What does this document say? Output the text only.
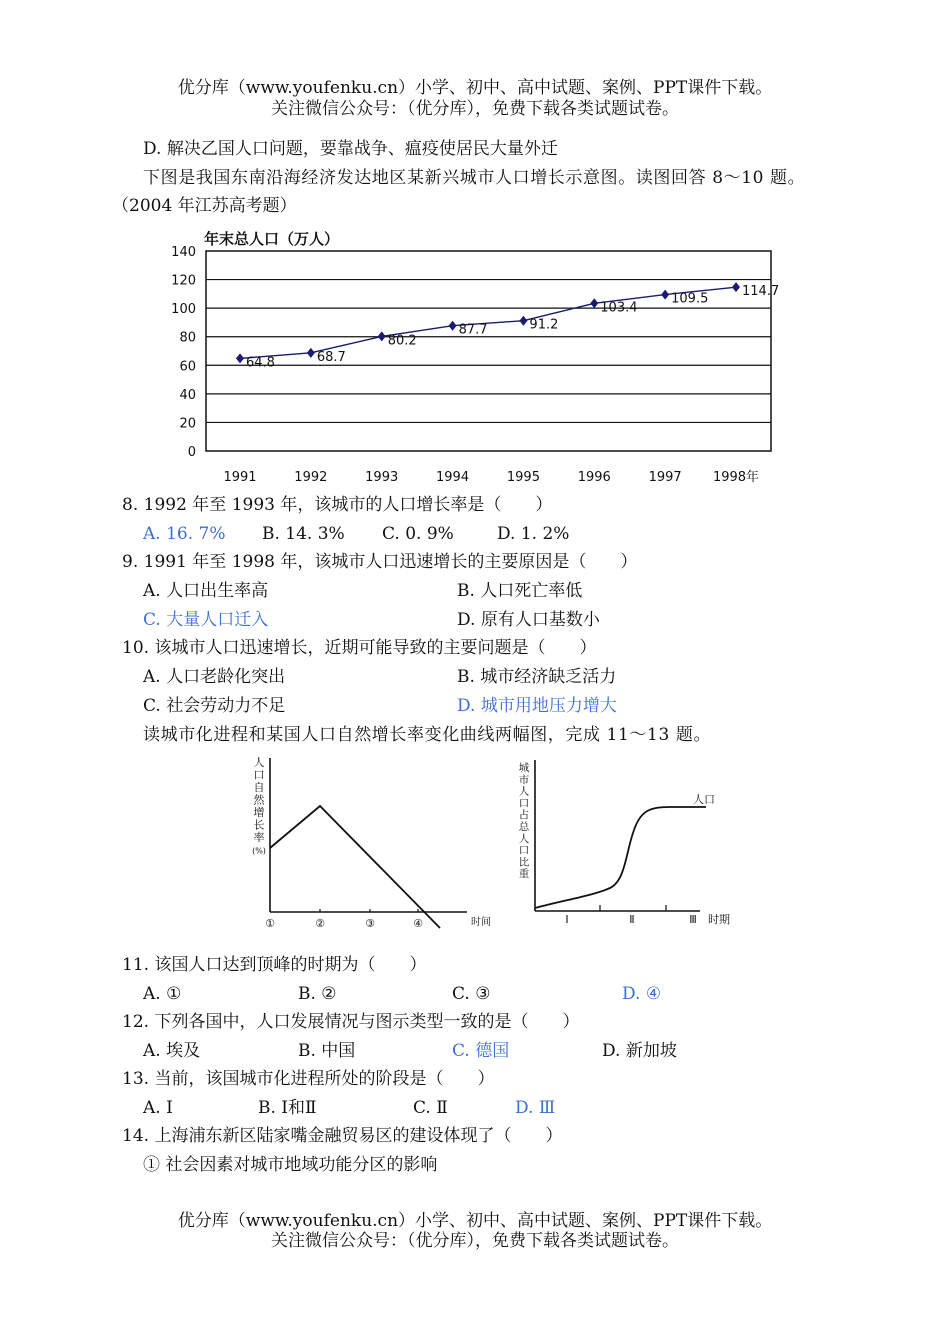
优分库（www.youfenku.cn）小学、初中、高中试题、案例、PPT课件下载。
关注微信公众号：（优分库），免费下载各类试题试卷。
D. 解决乙国人口问题，要靠战争、瘟疫使居民大量外迁
下图是我国东南沿海经济发达地区某新兴城市人口增长示意图。读图回答 8～10 题。
（2004 年江苏高考题）
年末总人口（万人）
0
20
40
60
80
100
120
140
1991	1992	1993	1994	1995	1996	1997 1998年
64.8	68.7
80.2
87.7	91.2
103.4
109.5	114.7
8. 1992 年至 1993 年，该城市的人口增长率是（　　）
A. 16. 7% B. 14. 3% C. 0. 9%	D. 1. 2%
9. 1991 年至 1998 年，该城市人口迅速增长的主要原因是（　　）
A. 人口出生率高	B. 人口死亡率低
C. 大量人口迁入	D. 原有人口基数小
10. 该城市人口迅速增长，近期可能导致的主要问题是（　　）
A. 人口老龄化突出	B. 城市经济缺乏活力
C. 社会劳动力不足	D. 城市用地压力增大
读城市化进程和某国人口自然增长率变化曲线两幅图，完成 11～13 题。
人
口
自
然
增
长
率
(%)
①	②	③	④	时间
城
市
人
口
占
总
人
口
比
重
人口
Ⅰ	Ⅱ	Ⅲ 时期
11. 该国人口达到顶峰的时期为（　　）
A. ①	B. ②	C. ③	D. ④
12. 下列各国中，人口发展情况与图示类型一致的是（　　）
A. 埃及	B. 中国	C. 德国	D. 新加坡
13. 当前，该国城市化进程所处的阶段是（　　）
A. Ⅰ	B. Ⅰ和Ⅱ	C. Ⅱ	D. Ⅲ
14. 上海浦东新区陆家嘴金融贸易区的建设体现了（　　）
① 社会因素对城市地域功能分区的影响
优分库（www.youfenku.cn）小学、初中、高中试题、案例、PPT课件下载。
关注微信公众号：（优分库），免费下载各类试题试卷。
